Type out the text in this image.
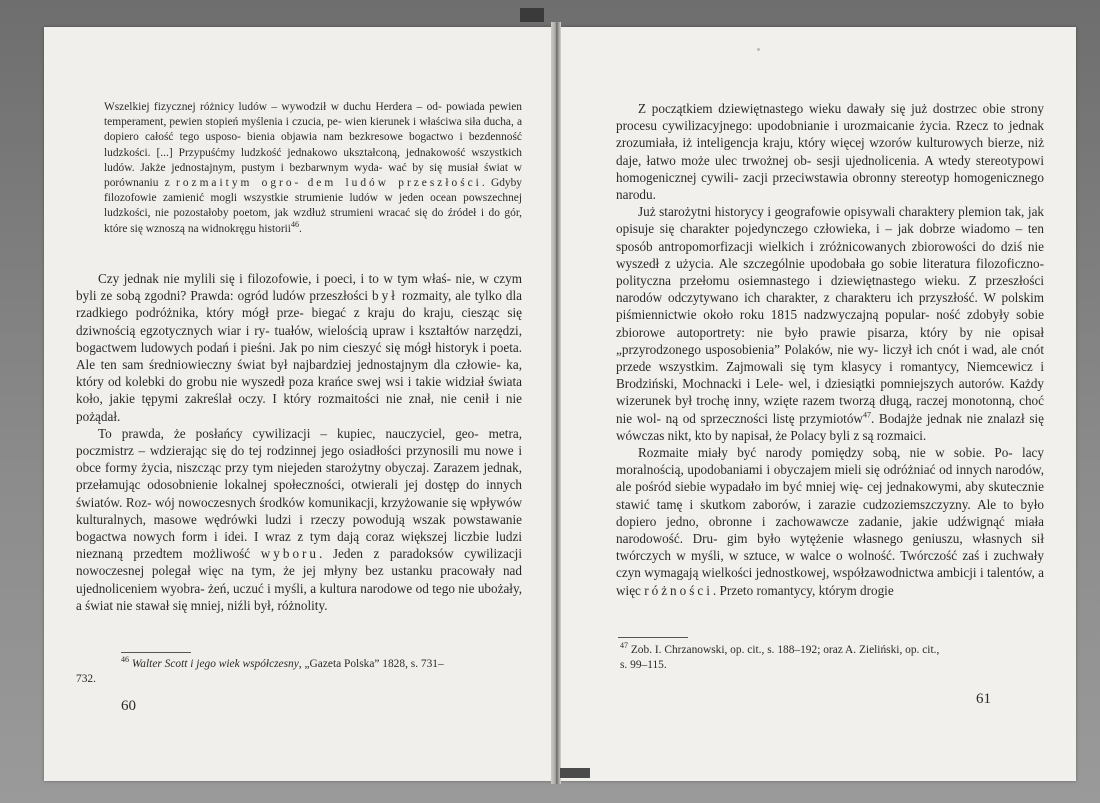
Wszelkiej fizycznej różnicy ludów – wywodził w duchu Herdera – od- powiada pewien temperament, pewien stopień myślenia i czucia, pe- wien kierunek i właściwa siła ducha, a dopiero całość tego usposo- bienia objawia nam bezkresowe bogactwo i bezdenność ludzkości. [...] Przypuśćmy ludzkość jednakowo ukształconą, jednakowość wszystkich ludów. Jakże jednostajnym, pustym i bezbarwnym wyda- wać by się musiał świat w porównaniu z rozmaitym ogro- dem ludów przeszłości. Gdyby filozofowie zamienić mogli wszystkie strumienie ludów w jeden ocean powszechnej ludzkości, nie pozostałoby poetom, jak wzdłuż strumieni wracać się do źródeł i do gór, które się wznoszą na widnokręgu historii$^{46}$.

Czy jednak nie mylili się i filozofowie, i poeci, i to w tym właś- nie, w czym byli ze sobą zgodni? Prawda: ogród ludów przeszłości był rozmaity, ale tylko dla rzadkiego podróżnika, który mógł prze- biegać z kraju do kraju, ciesząc się dziwnością egzotycznych wiar i ry- tuałów, wielością upraw i kształtów narzędzi, bogactwem ludowych podań i pieśni. Jak po nim cieszyć się mógł historyk i poeta. Ale ten sam średniowieczny świat był najbardziej jednostajnym dla człowie- ka, który od kolebki do grobu nie wyszedł poza krańce swej wsi i takie widział świata koło, jakie tępymi zakreślał oczy. I który rozmaitości nie znał, nie cenił i nie pożądał.

To prawda, że posłańcy cywilizacji – kupiec, nauczyciel, geo- metra, poczmistrz – wdzierając się do tej rodzinnej jego osiadłości przynosili mu nowe i obce formy życia, niszcząc przy tym niejeden starożytny obyczaj. Zarazem jednak, przełamując odosobnienie lokalnej społeczności, otwierali jej dostęp do innych światów. Roz- wój nowoczesnych środków komunikacji, krzyżowanie się wpływów kulturalnych, masowe wędrówki ludzi i rzeczy powodują wszak powstawanie bogactwa nowych form i idei. I wraz z tym dają coraz większej liczbie ludzi nieznaną przedtem możliwość wyboru. Jeden z paradoksów cywilizacji nowoczesnej polegał więc na tym, że jej młyny bez ustanku pracowały nad ujednoliceniem wyobra- żeń, uczuć i myśli, a kultura narodowe od tego nie ubożały, a świat nie stawał się mniej, niźli był, różnolity.

$^{46}$ Walter Scott i jego wiek współczesny, „Gazeta Polska” 1828, s. 731–
732.
60

Z początkiem dziewiętnastego wieku dawały się już dostrzec obie strony procesu cywilizacyjnego: upodobnianie i urozmaicanie życia. Rzecz to jednak zrozumiała, iż inteligencja kraju, który więcej wzorów kulturowych bierze, niż daje, łatwo może ulec trwożnej ob- sesji ujednolicenia. A wtedy stereotypowi homogenicznej cywili- zacji przeciwstawia obronny stereotyp homogenicznego narodu.

Już starożytni historycy i geografowie opisywali charaktery plemion tak, jak opisuje się charakter pojedynczego człowieka, i – jak dobrze wiadomo – ten sposób antropomorfizacji wielkich i zróżnicowanych zbiorowości do dziś nie wyszedł z użycia. Ale szczególnie upodobała go sobie literatura filozoficzno-polityczna przełomu osiemnastego i dziewiętnastego wieku. Z przeszłości narodów odczytywano ich charakter, z charakteru ich przyszłość. W polskim piśmiennictwie około roku 1815 nadzwyczajną popular- ność zdobyły sobie zbiorowe autoportrety: nie było prawie pisarza, który by nie opisał „przyrodzonego usposobienia” Polaków, nie wy- liczył ich cnót i wad, ale cnót przede wszystkim. Zajmowali się tym klasycy i romantycy, Niemcewicz i Brodziński, Mochnacki i Lele- wel, i dziesiątki pomniejszych autorów. Każdy wizerunek był trochę inny, wzięte razem tworzą długą, raczej monotonną, choć nie wol- ną od sprzeczności listę przymiotów$^{47}$. Bodajże jednak nie znalazł się wówczas nikt, kto by napisał, że Polacy byli z są rozmaici.

Rozmaite miały być narody pomiędzy sobą, nie w sobie. Po- lacy moralnością, upodobaniami i obyczajem mieli się odróżniać od innych narodów, ale pośród siebie wypadało im być mniej wię- cej jednakowymi, aby skutecznie stawić tamę i skutkom zaborów, i zarazie cudzoziemszczyzny. Ale to było dopiero jedno, obronne i zachowawcze zadanie, jakie udźwignąć miała narodowość. Dru- gim było wytężenie własnego geniuszu, własnych sił twórczych w myśli, w sztuce, w walce o wolność. Twórczość zaś i zuchwały czyn wymagają wielkości jednostkowej, współzawodnictwa ambicji i talentów, a więc różności. Przeto romantycy, którym drogie

$^{47}$ Zob. I. Chrzanowski, op. cit., s. 188–192; oraz A. Zieliński, op. cit.,
s. 99–115.
61
